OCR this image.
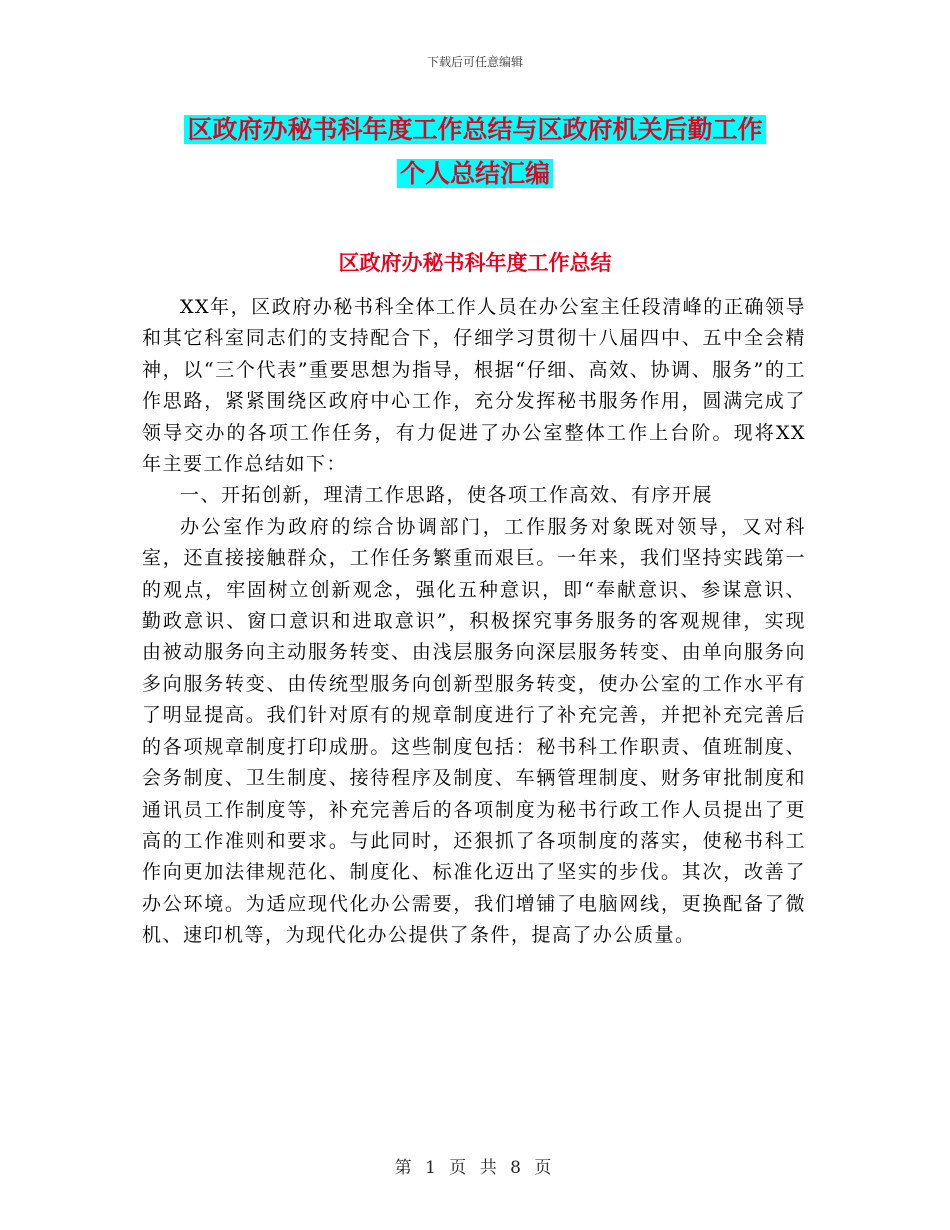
下载后可任意编辑
区政府办秘书科年度工作总结与区政府机关后勤工作
个人总结汇编
区政府办秘书科年度工作总结

XX年，区政府办秘书科全体工作人员在办公室主任段清峰的正确领导和其它科室同志们的支持配合下，仔细学习贯彻十八届四中、五中全会精神，以“三个代表”重要思想为指导，根据“仔细、高效、协调、服务”的工作思路，紧紧围绕区政府中心工作，充分发挥秘书服务作用，圆满完成了领导交办的各项工作任务，有力促进了办公室整体工作上台阶。现将XX年主要工作总结如下：

一、开拓创新，理清工作思路，使各项工作高效、有序开展

办公室作为政府的综合协调部门，工作服务对象既对领导，又对科室，还直接接触群众，工作任务繁重而艰巨。一年来，我们坚持实践第一的观点，牢固树立创新观念，强化五种意识，即“奉献意识、参谋意识、勤政意识、窗口意识和进取意识”，积极探究事务服务的客观规律，实现由被动服务向主动服务转变、由浅层服务向深层服务转变、由单向服务向多向服务转变、由传统型服务向创新型服务转变，使办公室的工作水平有了明显提高。我们针对原有的规章制度进行了补充完善，并把补充完善后的各项规章制度打印成册。这些制度包括：秘书科工作职责、值班制度、会务制度、卫生制度、接待程序及制度、车辆管理制度、财务审批制度和通讯员工作制度等，补充完善后的各项制度为秘书行政工作人员提出了更高的工作准则和要求。与此同时，还狠抓了各项制度的落实，使秘书科工作向更加法律规范化、制度化、标准化迈出了坚实的步伐。其次，改善了办公环境。为适应现代化办公需要，我们增铺了电脑网线，更换配备了微机、速印机等，为现代化办公提供了条件，提高了办公质量。

第 1 页 共 8 页
